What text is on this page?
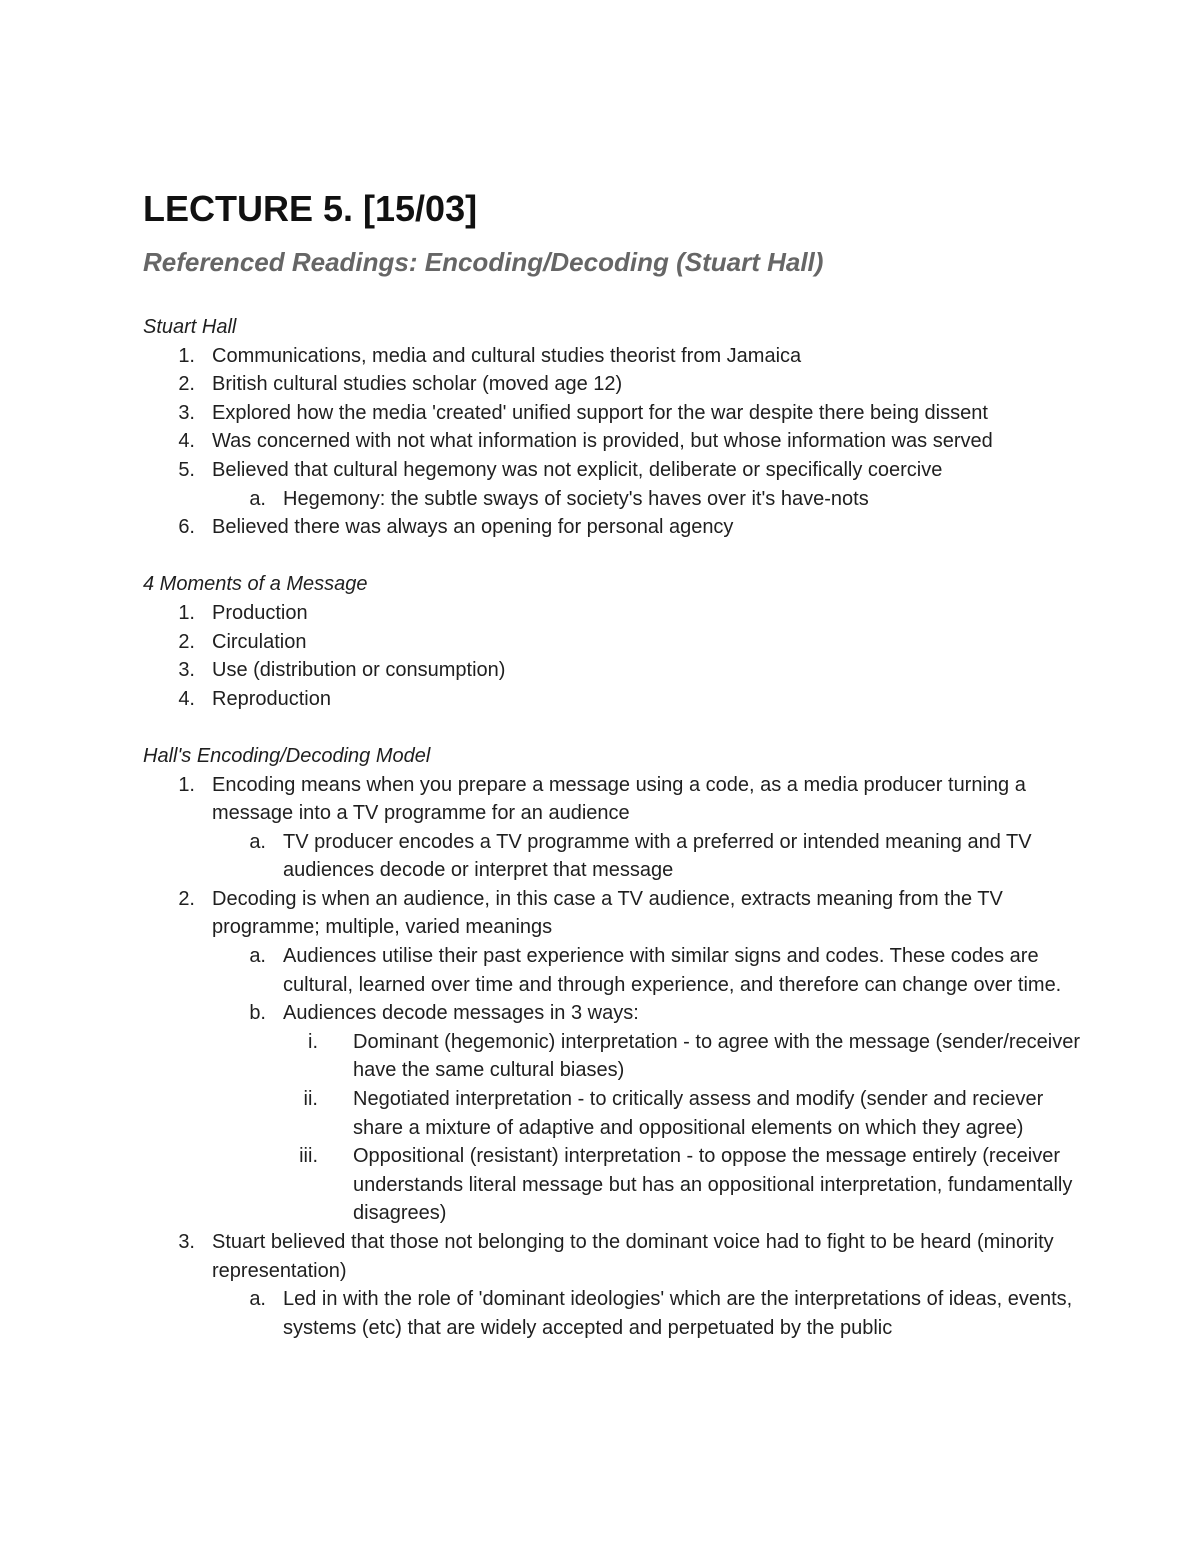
LECTURE 5. [15/03]
Referenced Readings: Encoding/Decoding (Stuart Hall)

Stuart Hall

1. Communications, media and cultural studies theorist from Jamaica
2. British cultural studies scholar (moved age 12)
3. Explored how the media 'created' unified support for the war despite there being dissent
4. Was concerned with not what information is provided, but whose information was served
5. Believed that cultural hegemony was not explicit, deliberate or specifically coercive
a. Hegemony: the subtle sways of society's haves over it's have-nots
6. Believed there was always an opening for personal agency

4 Moments of a Message

1. Production
2. Circulation
3. Use (distribution or consumption)
4. Reproduction

Hall's Encoding/Decoding Model

1. Encoding means when you prepare a message using a code, as a media producer turning a message into a TV programme for an audience
a. TV producer encodes a TV programme with a preferred or intended meaning and TV audiences decode or interpret that message
2. Decoding is when an audience, in this case a TV audience, extracts meaning from the TV programme; multiple, varied meanings
a. Audiences utilise their past experience with similar signs and codes. These codes are cultural, learned over time and through experience, and therefore can change over time.
b. Audiences decode messages in 3 ways:
i. Dominant (hegemonic) interpretation - to agree with the message (sender/receiver have the same cultural biases)
ii. Negotiated interpretation - to critically assess and modify (sender and reciever share a mixture of adaptive and oppositional elements on which they agree)
iii. Oppositional (resistant) interpretation - to oppose the message entirely (receiver understands literal message but has an oppositional interpretation, fundamentally disagrees)
3. Stuart believed that those not belonging to the dominant voice had to fight to be heard (minority representation)
a. Led in with the role of 'dominant ideologies' which are the interpretations of ideas, events, systems (etc) that are widely accepted and perpetuated by the public
